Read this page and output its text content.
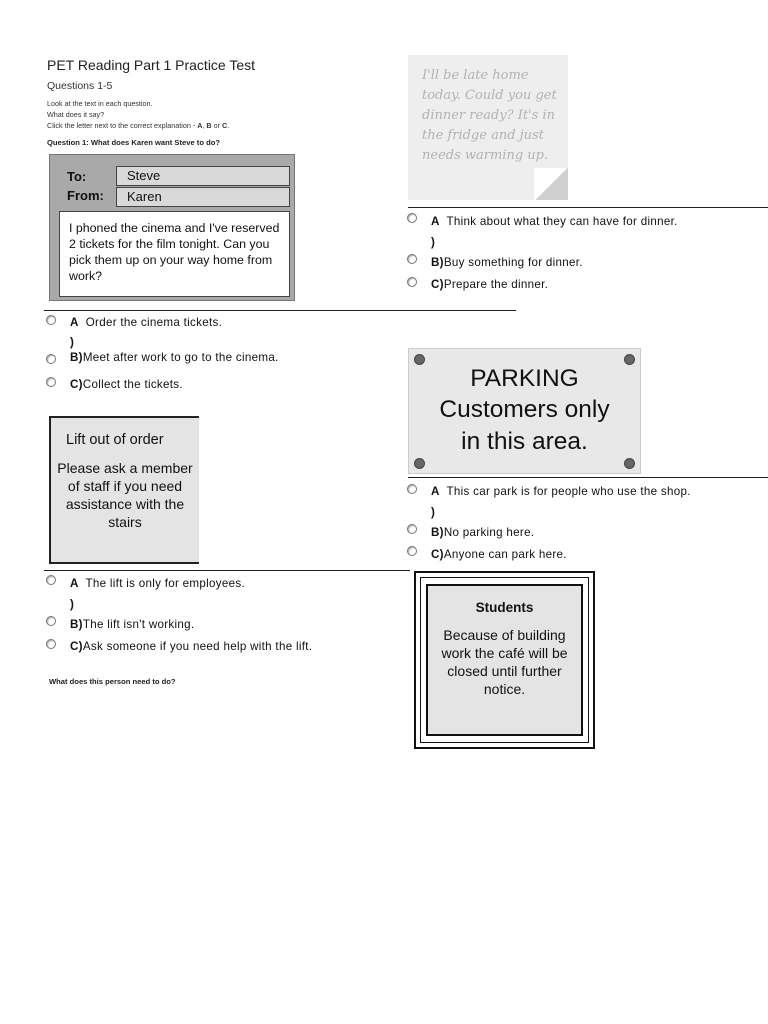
PET Reading Part 1 Practice Test
Questions 1-5
Look at the text in each question.
What does it say?
Click the letter next to the correct explanation - A, B or C.
Question 1: What does Karen want Steve to do?
To:	Steve
From:	Karen
I phoned the cinema and I've reserved 2 tickets for the film tonight. Can you pick them up on your way home from work?
I'll be late home today. Could you get dinner ready? It's in the fridge and just needs warming up.
A Think about what they can have for dinner.
)
B)Buy something for dinner.
C)Prepare the dinner.
A Order the cinema tickets.
)
B)Meet after work to go to the cinema.
C)Collect the tickets.	PARKING
Customers only
in this area.
Lift out of order
Please ask a member of staff if you need assistance with the stairs
A This car park is for people who use the shop.
)
B)No parking here.
C)Anyone can park here.
A The lift is only for employees.
)
B)The lift isn't working.
C)Ask someone if you need help with the lift.
Students
Because of building work the café will be closed until further notice.
What does this person need to do?
